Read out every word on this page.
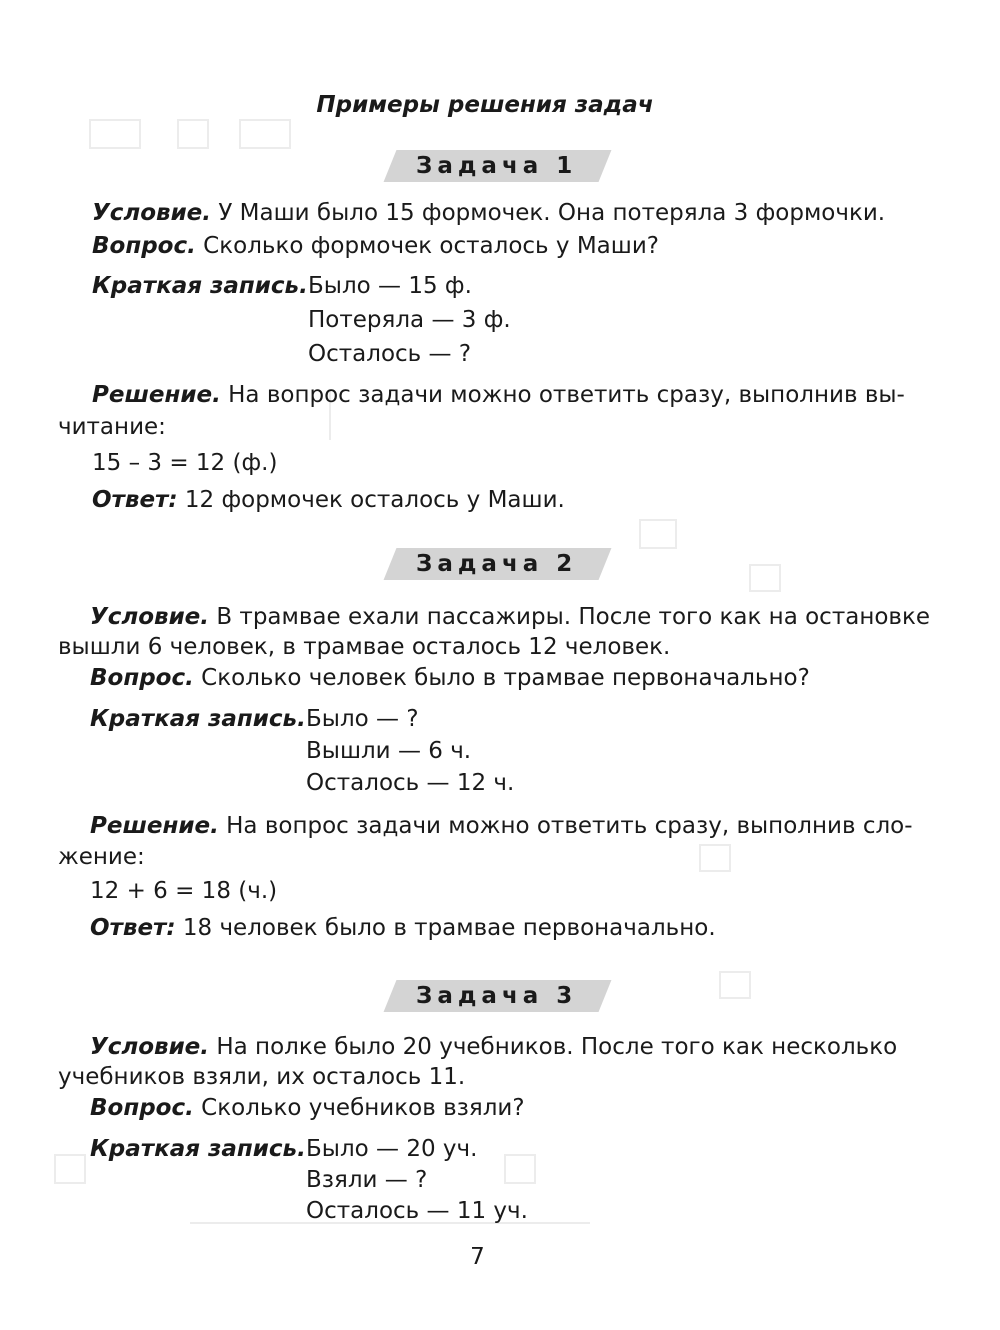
Примеры решения задач
Задача 1
Условие. У Маши было 15 формочек. Она потеряла 3 формочки.
Вопрос. Сколько формочек осталось у Маши?
Краткая запись. Было — 15 ф.
Потеряла — 3 ф.
Осталось — ?
Решение. На вопрос задачи можно ответить сразу, выполнив вы-
читание:
15 – 3 = 12 (ф.)
Ответ: 12 формочек осталось у Маши.
Задача 2
Условие. В трамвае ехали пассажиры. После того как на остановке
вышли 6 человек, в трамвае осталось 12 человек.
Вопрос. Сколько человек было в трамвае первоначально?
Краткая запись. Было — ?
Вышли — 6 ч.
Осталось — 12 ч.
Решение. На вопрос задачи можно ответить сразу, выполнив сло-
жение:
12 + 6 = 18 (ч.)
Ответ: 18 человек было в трамвае первоначально.
Задача 3
Условие. На полке было 20 учебников. После того как несколько
учебников взяли, их осталось 11.
Вопрос. Сколько учебников взяли?
Краткая запись. Было — 20 уч.
Взяли — ?
Осталось — 11 уч.
7
